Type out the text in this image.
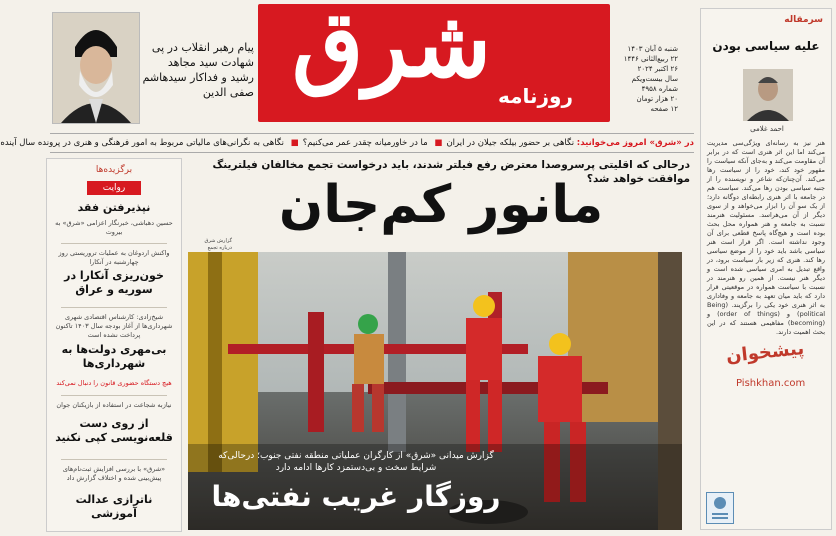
پیام رهبر انقلاب در پی شهادت سید مجاهد رشید و فداکار سیدهاشم صفی الدین شرق روزنامه
شنبه ۵ آبان ۱۴۰۳
۲۲ ربیع‌الثانی ۱۴۴۶
۲۶ اکتبر ۲۰۲۴
سال بیست‌ویکم
شماره ۴۹۵۸
۲۰ هزار تومان
۱۲ صفحه
سرمقاله
علیه سیاسی بودن
احمد غلامی
هنر نیز به رسانه‌ای ویژگی‌سی مدیریت می‌کند اما این اثر هنری است که در برابر آن مقاومت می‌کند و به‌جای آنکه سیاست را مقهور خود کند، خود را از سیاست رها می‌کند. آن‌چنان‌که شاعر و نویسنده را از جنبه سیاسی بودن رها می‌کند. سیاست هم در جامعه با اثر هنری رابطه‌ای دوگانه دارد؛ از یک سو آن را ابزار می‌خواهد و از سوی دیگر از آن می‌هراسد. مسئولیت هنرمند نسبت به جامعه و هنر همواره محل بحث بوده است و هیچ‌گاه پاسخ قطعی برای آن وجود نداشته است. اگر قرار است هنر سیاسی باشد باید خود را از موضع سیاسی رها کند. هنری که زیر بار سیاست برود، در واقع تبدیل به امری سیاسی شده است و دیگر هنر نیست. از همین رو هنرمند در نسبت با سیاست همواره در موقعیتی قرار دارد که باید میان تعهد به جامعه و وفاداری به اثر هنری خود یکی را برگزیند. (Being political) و (order of things) و (becoming) مفاهیمی هستند که در این بحث اهمیت دارند.
پیشخوان
Pishkhan.com
در «شرق» امروز می‌خوانید: نگاهی بر حضور بیلکه جیلان در ایران■ ما در خاورمیانه چقدر عمر می‌کنیم؟■ نگاهی به نگرانی‌های مالیاتی مربوط به امور فرهنگی و هنری در پرونده سال آینده
برگزیده‌ها
روایت
نپذیرفتن فقد
حسین دهباشی، خبرنگار اعزامی «شرق» به بیروت
واکنش اردوغان به عملیات تروریستی روز چهارشنبه در آنکارا
خون‌ریزی آنکارا در سوریه و عراق
شیخ‌زادی: کارشناس اقتصادی شهری شهرداری‌ها از آغاز بودجه سال ۱۴۰۳ تاکنون پرداخت نشده است
بی‌مهری دولت‌ها به شهرداری‌ها
هیچ دستگاه حضوری ‌قانون را دنبال نمی‌کند
نیازبه شجاعت در استفاده از بازیکنان جوان
از روی دست قلعه‌نویسی کپی نکنید
«شرق» با بررسی افزایش ثبت‌نام‌های پیش‌بینی شده و اختلاف گزارش داد
ناترازی عدالت آموزشی
درحالی که اقلیتی پرسروصدا معترض رفع فیلتر شدند، باید درخواست تجمع مخالفان فیلترینگ موافقت خواهد شد؟
مانور کم‌جان
گزارش شرق درباره تجمع
گزارش میدانی «شرق» از کارگران عملیاتی منطقه نفتی جنوب؛ درحالی‌که شرایط سخت و بی‌دستمزد کارها ادامه دارد
روزگار غریب نفتی‌ها
